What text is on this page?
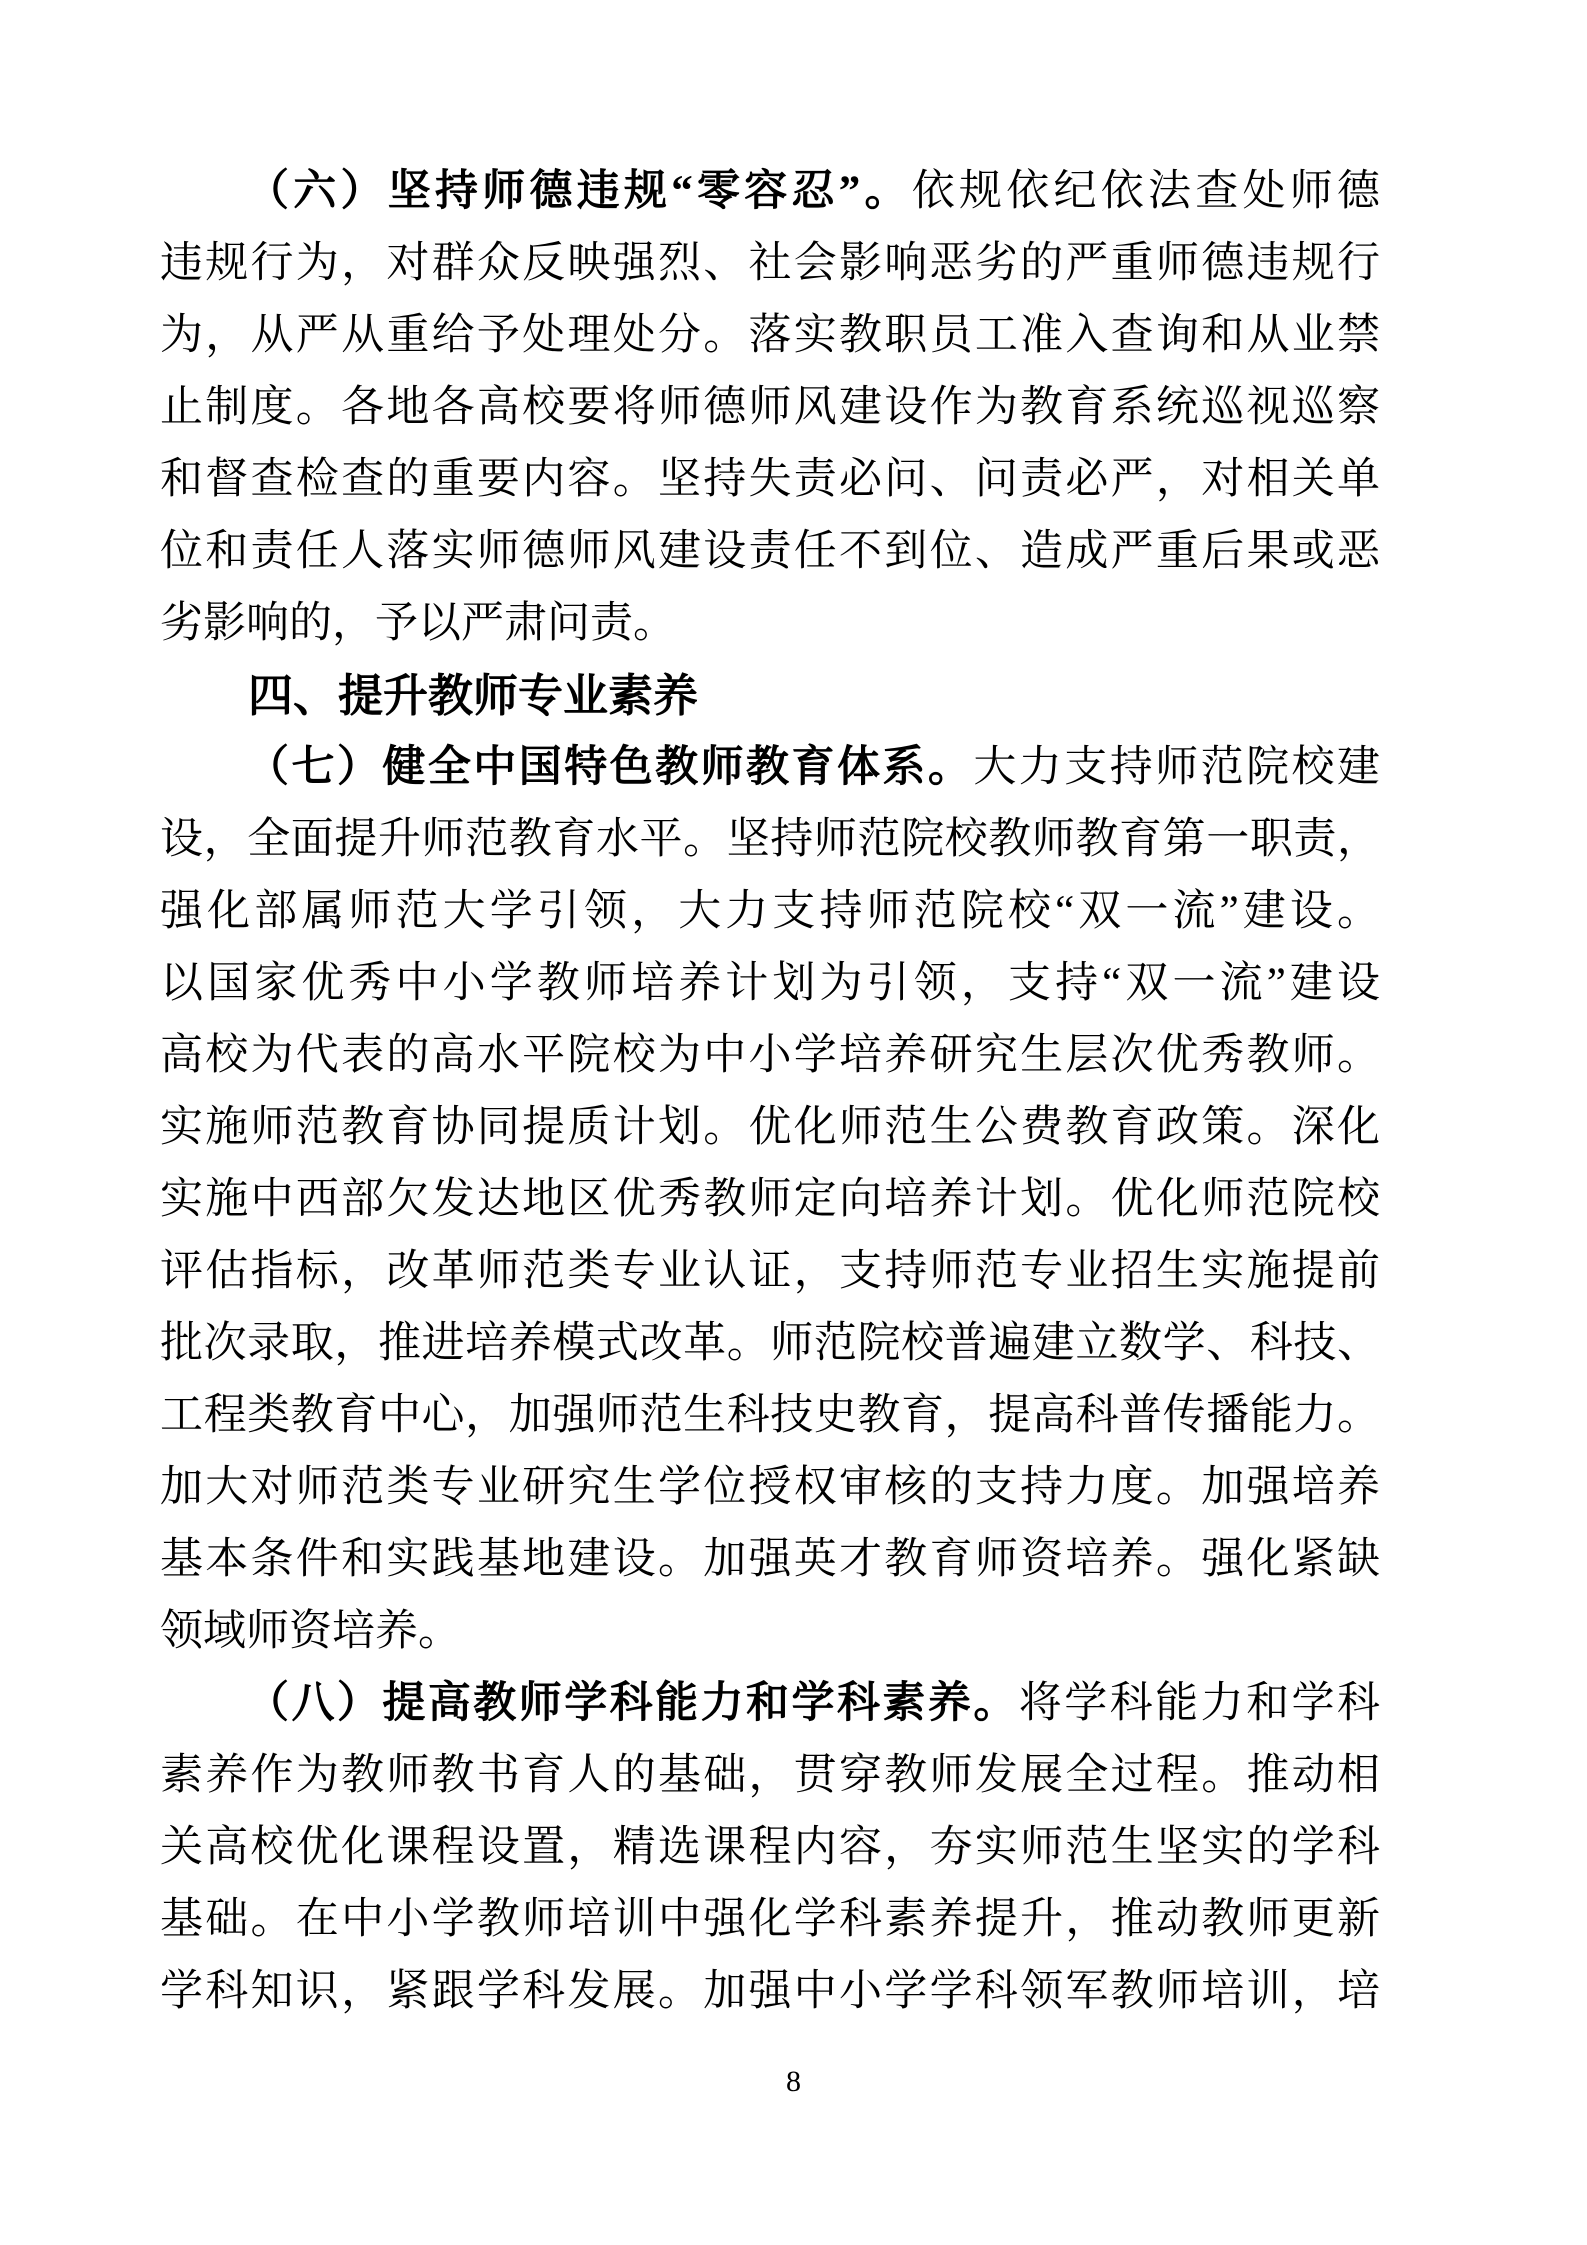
（六）坚持师德违规“零容忍”。依规依纪依法查处师德
违规行为，对群众反映强烈、社会影响恶劣的严重师德违规行
为，从严从重给予处理处分。落实教职员工准入查询和从业禁
止制度。各地各高校要将师德师风建设作为教育系统巡视巡察
和督查检查的重要内容。坚持失责必问、问责必严，对相关单
位和责任人落实师德师风建设责任不到位、造成严重后果或恶
劣影响的，予以严肃问责。
四、提升教师专业素养
（七）健全中国特色教师教育体系。大力支持师范院校建
设，全面提升师范教育水平。坚持师范院校教师教育第一职责，
强化部属师范大学引领，大力支持师范院校“双一流”建设。
以国家优秀中小学教师培养计划为引领，支持“双一流”建设
高校为代表的高水平院校为中小学培养研究生层次优秀教师。
实施师范教育协同提质计划。优化师范生公费教育政策。深化
实施中西部欠发达地区优秀教师定向培养计划。优化师范院校
评估指标，改革师范类专业认证，支持师范专业招生实施提前
批次录取，推进培养模式改革。师范院校普遍建立数学、科技、
工程类教育中心，加强师范生科技史教育，提高科普传播能力。
加大对师范类专业研究生学位授权审核的支持力度。加强培养
基本条件和实践基地建设。加强英才教育师资培养。强化紧缺
领域师资培养。
（八）提高教师学科能力和学科素养。将学科能力和学科
素养作为教师教书育人的基础，贯穿教师发展全过程。推动相
关高校优化课程设置，精选课程内容，夯实师范生坚实的学科
基础。在中小学教师培训中强化学科素养提升，推动教师更新
学科知识，紧跟学科发展。加强中小学学科领军教师培训，培
8
